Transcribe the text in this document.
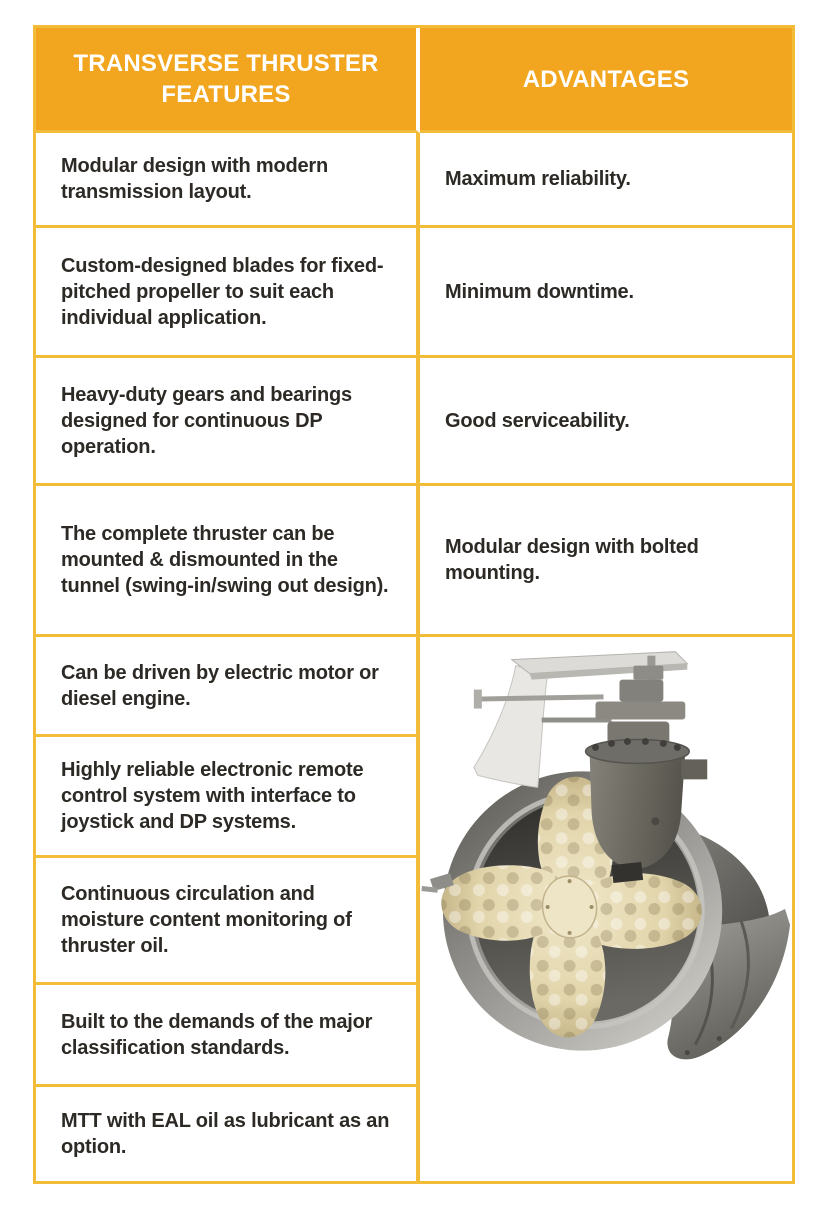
TRANSVERSE THRUSTER FEATURES
Modular design with modern transmission layout.
Custom-designed blades for fixed-pitched propeller to suit each individual application.
Heavy-duty gears and bearings designed for continuous DP operation.
The complete thruster can be mounted & dismounted in the tunnel (swing-in/swing out design).
Can be driven by electric motor or diesel engine.
Highly reliable electronic remote control system with interface to joystick and DP systems.
Continuous circulation and moisture content monitoring of thruster oil.
Built to the demands of the major classification standards.
MTT with EAL oil as lubricant as an option.
ADVANTAGES
Maximum reliability.
Minimum downtime.
Good serviceability.
Modular design with bolted mounting.
